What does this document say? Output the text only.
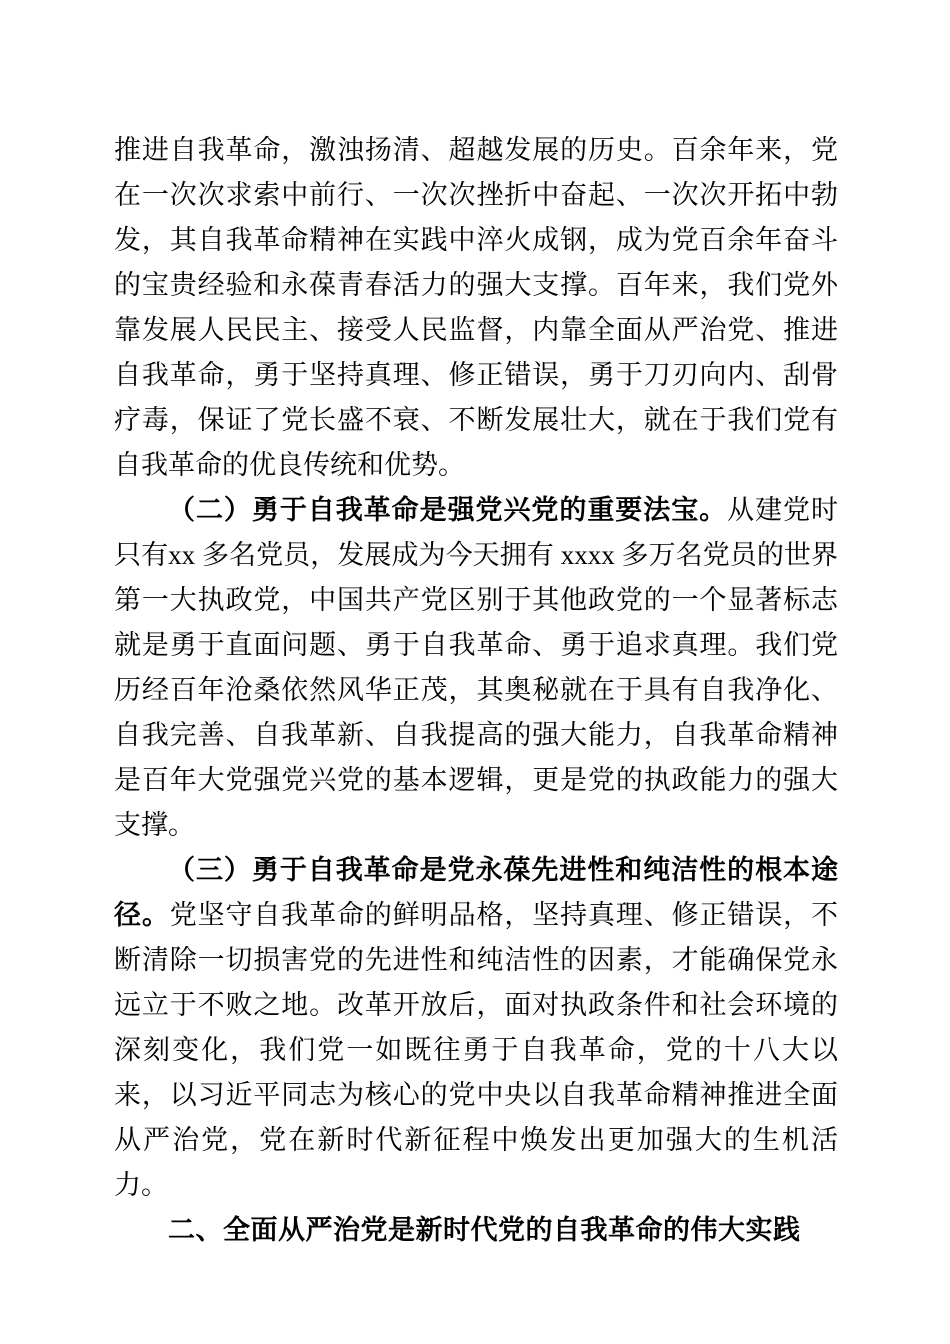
推进自我革命，激浊扬清、超越发展的历史。百余年来，党在一次次求索中前行、一次次挫折中奋起、一次次开拓中勃发，其自我革命精神在实践中淬火成钢，成为党百余年奋斗的宝贵经验和永葆青春活力的强大支撑。百年来，我们党外靠发展人民民主、接受人民监督，内靠全面从严治党、推进自我革命，勇于坚持真理、修正错误，勇于刀刃向内、刮骨疗毒，保证了党长盛不衰、不断发展壮大，就在于我们党有自我革命的优良传统和优势。

（二）勇于自我革命是强党兴党的重要法宝。从建党时只有xx 多名党员，发展成为今天拥有 xxxx 多万名党员的世界第一大执政党，中国共产党区别于其他政党的一个显著标志就是勇于直面问题、勇于自我革命、勇于追求真理。我们党历经百年沧桑依然风华正茂，其奥秘就在于具有自我净化、自我完善、自我革新、自我提高的强大能力，自我革命精神是百年大党强党兴党的基本逻辑，更是党的执政能力的强大支撑。

（三）勇于自我革命是党永葆先进性和纯洁性的根本途径。党坚守自我革命的鲜明品格，坚持真理、修正错误，不断清除一切损害党的先进性和纯洁性的因素，才能确保党永远立于不败之地。改革开放后，面对执政条件和社会环境的深刻变化，我们党一如既往勇于自我革命，党的十八大以来，以习近平同志为核心的党中央以自我革命精神推进全面从严治党，党在新时代新征程中焕发出更加强大的生机活力。

二、全面从严治党是新时代党的自我革命的伟大实践
